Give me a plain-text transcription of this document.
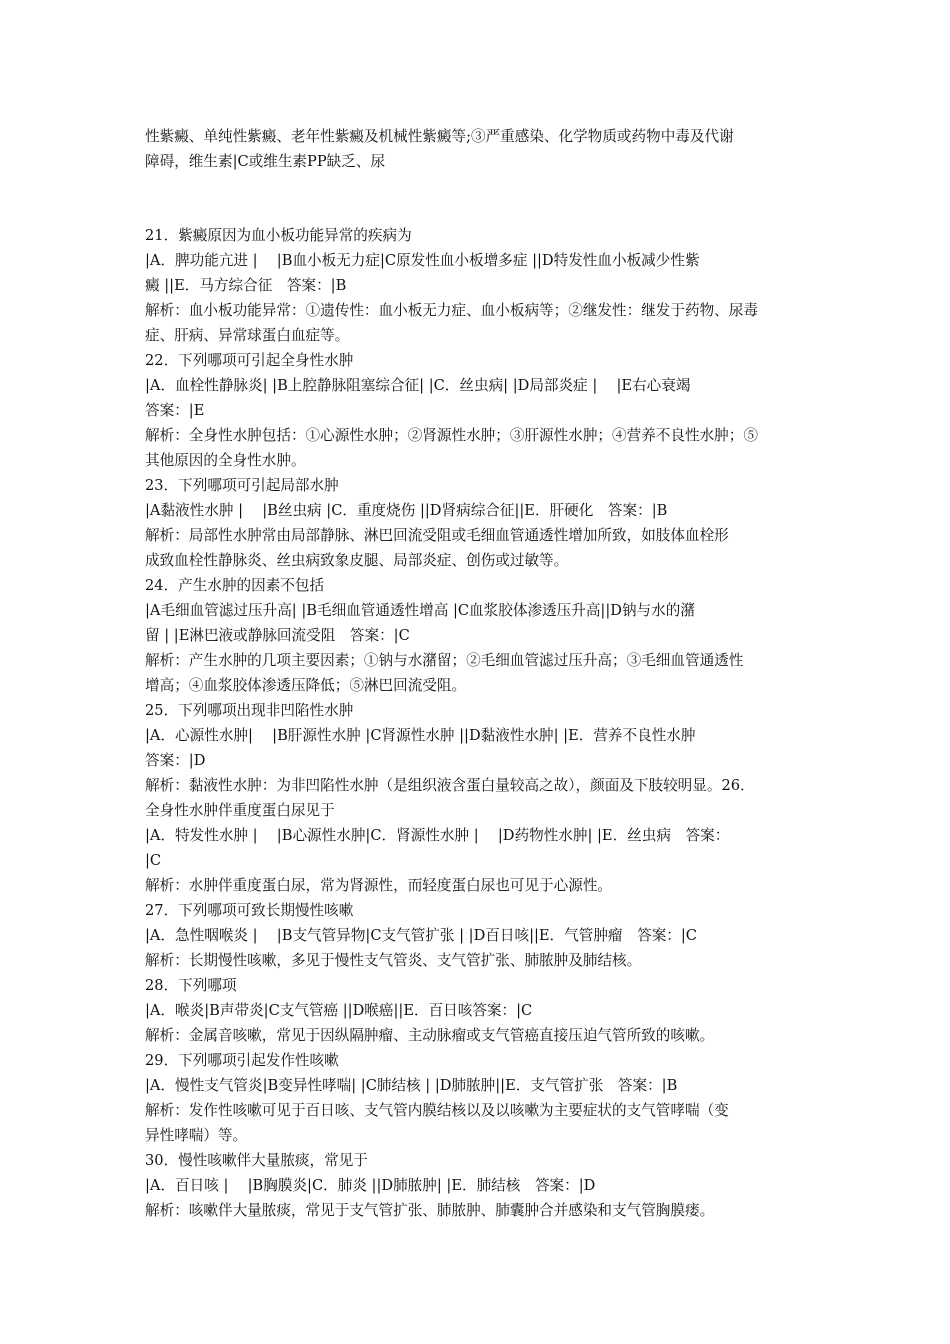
性紫癜、单纯性紫癜、老年性紫癜及机械性紫癜等;③严重感染、化学物质或药物中毒及代谢
障碍，维生素|C或维生素PP缺乏、尿
21．紫癜原因为血小板功能异常的疾病为
|A．脾功能亢进 |　 |B血小板无力症|C原发性血小板增多症 ||D特发性血小板减少性紫
癜 ||E．马方综合征　答案：|B
解析：血小板功能异常：①遗传性：血小板无力症、血小板病等；②继发性：继发于药物、尿毒
症、肝病、异常球蛋白血症等。
22．下列哪项可引起全身性水肿
|A．血栓性静脉炎| |B上腔静脉阻塞综合征| |C．丝虫病| |D局部炎症 |　 |E右心衰竭
答案：|E
解析：全身性水肿包括：①心源性水肿；②肾源性水肿；③肝源性水肿；④营养不良性水肿；⑤
其他原因的全身性水肿。
23．下列哪项可引起局部水肿
|A黏液性水肿 |　 |B丝虫病 |C．重度烧伤 ||D肾病综合征||E．肝硬化　答案：|B
解析：局部性水肿常由局部静脉、淋巴回流受阻或毛细血管通透性增加所致，如肢体血栓形
成致血栓性静脉炎、丝虫病致象皮腿、局部炎症、创伤或过敏等。
24．产生水肿的因素不包括
|A毛细血管滤过压升高| |B毛细血管通透性增高 |C血浆胶体渗透压升高||D钠与水的潴
留 | |E淋巴液或静脉回流受阻　答案：|C
解析：产生水肿的几项主要因素；①钠与水潴留；②毛细血管滤过压升高；③毛细血管通透性
增高；④血浆胶体渗透压降低；⑤淋巴回流受阻。
25．下列哪项出现非凹陷性水肿
|A．心源性水肿|　 |B肝源性水肿 |C肾源性水肿 ||D黏液性水肿| |E．营养不良性水肿
答案：|D
解析：黏液性水肿：为非凹陷性水肿（是组织液含蛋白量较高之故），颜面及下肢较明显。26．
全身性水肿伴重度蛋白尿见于
|A．特发性水肿 |　 |B心源性水肿|C．肾源性水肿 |　 |D药物性水肿| |E．丝虫病　答案：
|C
解析：水肿伴重度蛋白尿，常为肾源性，而轻度蛋白尿也可见于心源性。
27．下列哪项可致长期慢性咳嗽
|A．急性咽喉炎 |　 |B支气管异物|C支气管扩张 | |D百日咳||E．气管肿瘤　答案：|C
解析：长期慢性咳嗽，多见于慢性支气管炎、支气管扩张、肺脓肿及肺结核。
28．下列哪项
|A．喉炎|B声带炎|C支气管癌 ||D喉癌||E．百日咳答案：|C
解析：金属音咳嗽，常见于因纵隔肿瘤、主动脉瘤或支气管癌直接压迫气管所致的咳嗽。
29．下列哪项引起发作性咳嗽
|A．慢性支气管炎|B变异性哮喘| |C肺结核 | |D肺脓肿||E．支气管扩张　答案：|B
解析：发作性咳嗽可见于百日咳、支气管内膜结核以及以咳嗽为主要症状的支气管哮喘（变
异性哮喘）等。
30．慢性咳嗽伴大量脓痰，常见于
|A．百日咳 |　 |B胸膜炎|C．肺炎 ||D肺脓肿| |E．肺结核　答案：|D
解析：咳嗽伴大量脓痰，常见于支气管扩张、肺脓肿、肺囊肿合并感染和支气管胸膜瘘。
